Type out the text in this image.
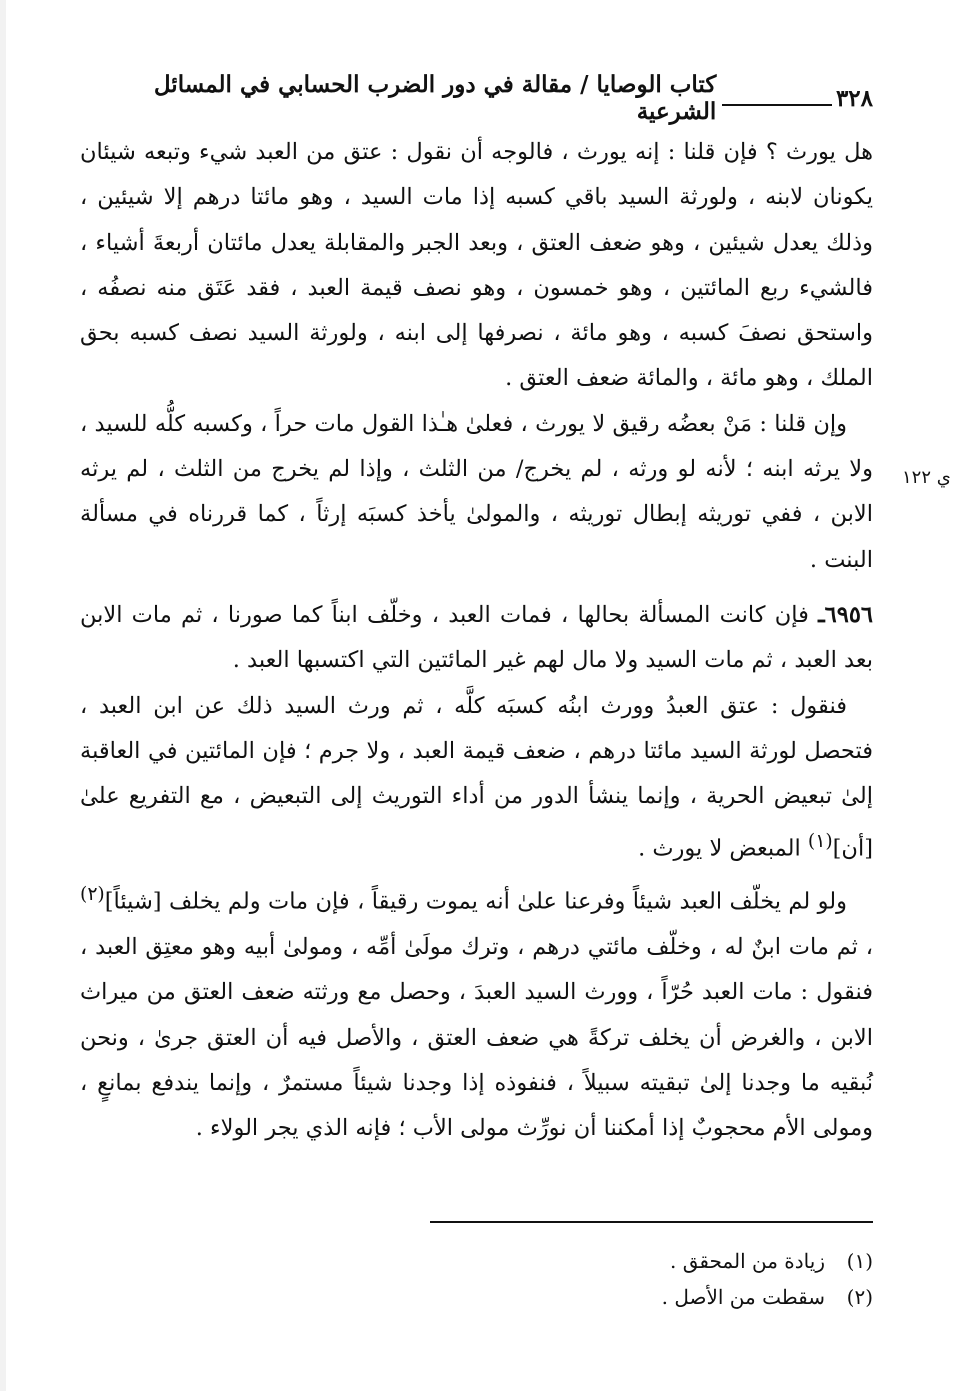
٣٢٨
كتاب الوصايا / مقالة في دور الضرب الحسابي في المسائل الشرعية

هل يورث ؟ فإن قلنا : إنه يورث ، فالوجه أن نقول : عتق من العبد شيء وتبعه شيئان يكونان لابنه ، ولورثة السيد باقي كسبه إذا مات السيد ، وهو مائتا درهم إلا شيئين ، وذلك يعدل شيئين ، وهو ضعف العتق ، وبعد الجبر والمقابلة يعدل مائتان أربعةَ أشياء ، فالشيء ربع المائتين ، وهو خمسون ، وهو نصف قيمة العبد ، فقد عَتَق منه نصفُه ، واستحق نصفَ كسبه ، وهو مائة ، نصرفها إلى ابنه ، ولورثة السيد نصف كسبه بحق الملك ، وهو مائة ، والمائة ضعف العتق .

وإن قلنا : مَنْ بعضُه رقيق لا يورث ، فعلىٰ هـٰذا القول مات حراً ، وكسبه كلُّه للسيد ، ولا يرثه ابنه ؛ لأنه لو ورثه ، لم يخرج/ من الثلث ، وإذا لم يخرج من الثلث ، لم يرثه الابن ، ففي توريثه إبطال توريثه ، والمولىٰ يأخذ كسبَه إرثاً ، كما قررناه في مسألة البنت .

٦٩٥٦ـ فإن كانت المسألة بحالها ، فمات العبد ، وخلّف ابناً كما صورنا ، ثم مات الابن بعد العبد ، ثم مات السيد ولا مال لهم غير المائتين التي اكتسبها العبد .

فنقول : عتق العبدُ وورث ابنُه كسبَه كلَّه ، ثم ورث السيد ذلك عن ابن العبد ، فتحصل لورثة السيد مائتا درهم ، ضعف قيمة العبد ، ولا جرم ؛ فإن المائتين في العاقبة إلىٰ تبعيض الحرية ، وإنما ينشأ الدور من أداء التوريث إلى التبعيض ، مع التفريع علىٰ [أن]$^{(١)}$ المبعض لا يورث .

ولو لم يخلّف العبد شيئاً وفرعنا علىٰ أنه يموت رقيقاً ، فإن مات ولم يخلف [شيئاً]$^{(٢)}$ ، ثم مات ابنٌ له ، وخلّف مائتي درهم ، وترك مولَىٰ أمِّه ، ومولىٰ أبيه وهو معتِق العبد ، فنقول : مات العبد حُرّاً ، وورث السيد العبدَ ، وحصل مع ورثته ضعف العتق من ميراث الابن ، والغرض أن يخلف تركةً هي ضعف العتق ، والأصل فيه أن العتق جرىٰ ، ونحن نُبقيه ما وجدنا إلىٰ تبقيته سبيلاً ، فنفوذه إذا وجدنا شيئاً مستمرٌ ، وإنما يندفع بمانعٍ ، ومولى الأم محجوبٌ إذا أمكننا أن نورِّث مولى الأب ؛ فإنه الذي يجر الولاء .

ي ١٢٢
(١)
زيادة من المحقق .
(٢)
سقطت من الأصل .
